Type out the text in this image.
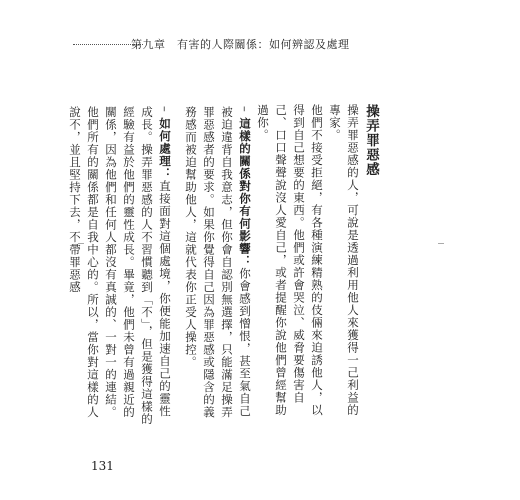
第九章　有害的人際關係：如何辨認及處理

操弄罪惡感

操弄罪惡感的人，可說是透過利用他人來獲得一己利益的專家。

他們不接受拒絕，有各種演練精熟的伎倆來迫誘他人，以得到自己想要的東西。他們或許會哭泣、威脅要傷害自己、口口聲聲說沒人愛自己，或者提醒你說他們曾經幫助過你。

– 這樣的關係對你有何影響：你會感到憎恨，甚至氣自己被迫違背自我意志，但你會自認別無選擇，只能滿足操弄罪惡感者的要求。如果你覺得自己因為罪惡感或隱含的義務感而被迫幫助他人，這就代表你正受人操控。

– 如何處理：直接面對這個處境，你便能加速自己的靈性成長。操弄罪惡感的人不習慣聽到「不」，但是獲得這樣的經驗有益於他們的靈性成長。畢竟，他們未曾有過親近的關係，因為他們和任何人都沒有真誠的、一對一的連結。他們所有的關係都是自我中心的。所以，當你對這樣的人說不，並且堅持下去，不帶罪惡感

131
